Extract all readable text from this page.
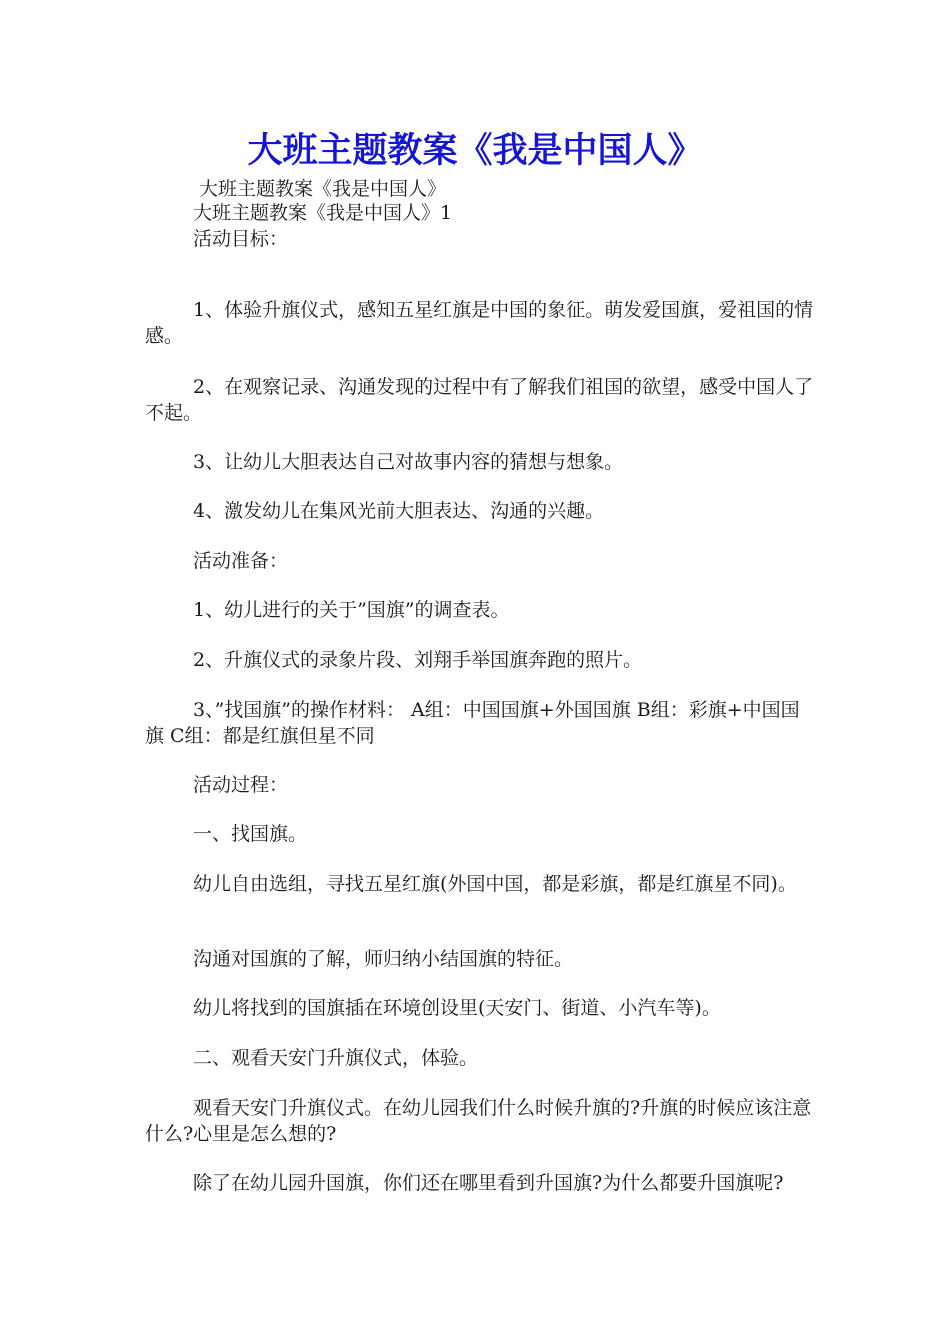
大班主题教案《我是中国人》

大班主题教案《我是中国人》

大班主题教案《我是中国人》1

活动目标：

1、体验升旗仪式，感知五星红旗是中国的象征。萌发爱国旗，爱祖国的情感。

2、在观察记录、沟通发现的过程中有了解我们祖国的欲望，感受中国人了不起。

3、让幼儿大胆表达自己对故事内容的猜想与想象。

4、激发幼儿在集风光前大胆表达、沟通的兴趣。

活动准备：

1、幼儿进行的关于”国旗”的调查表。

2、升旗仪式的录象片段、刘翔手举国旗奔跑的照片。

3、”找国旗”的操作材料： A组：中国国旗+外国国旗 B组：彩旗+中国国旗 C组：都是红旗但星不同

活动过程：

一、找国旗。

幼儿自由选组，寻找五星红旗(外国中国，都是彩旗，都是红旗星不同)。

沟通对国旗的了解，师归纳小结国旗的特征。

幼儿将找到的国旗插在环境创设里(天安门、街道、小汽车等)。

二、观看天安门升旗仪式，体验。

观看天安门升旗仪式。在幼儿园我们什么时候升旗的?升旗的时候应该注意什么?心里是怎么想的?

除了在幼儿园升国旗，你们还在哪里看到升国旗?为什么都要升国旗呢?
